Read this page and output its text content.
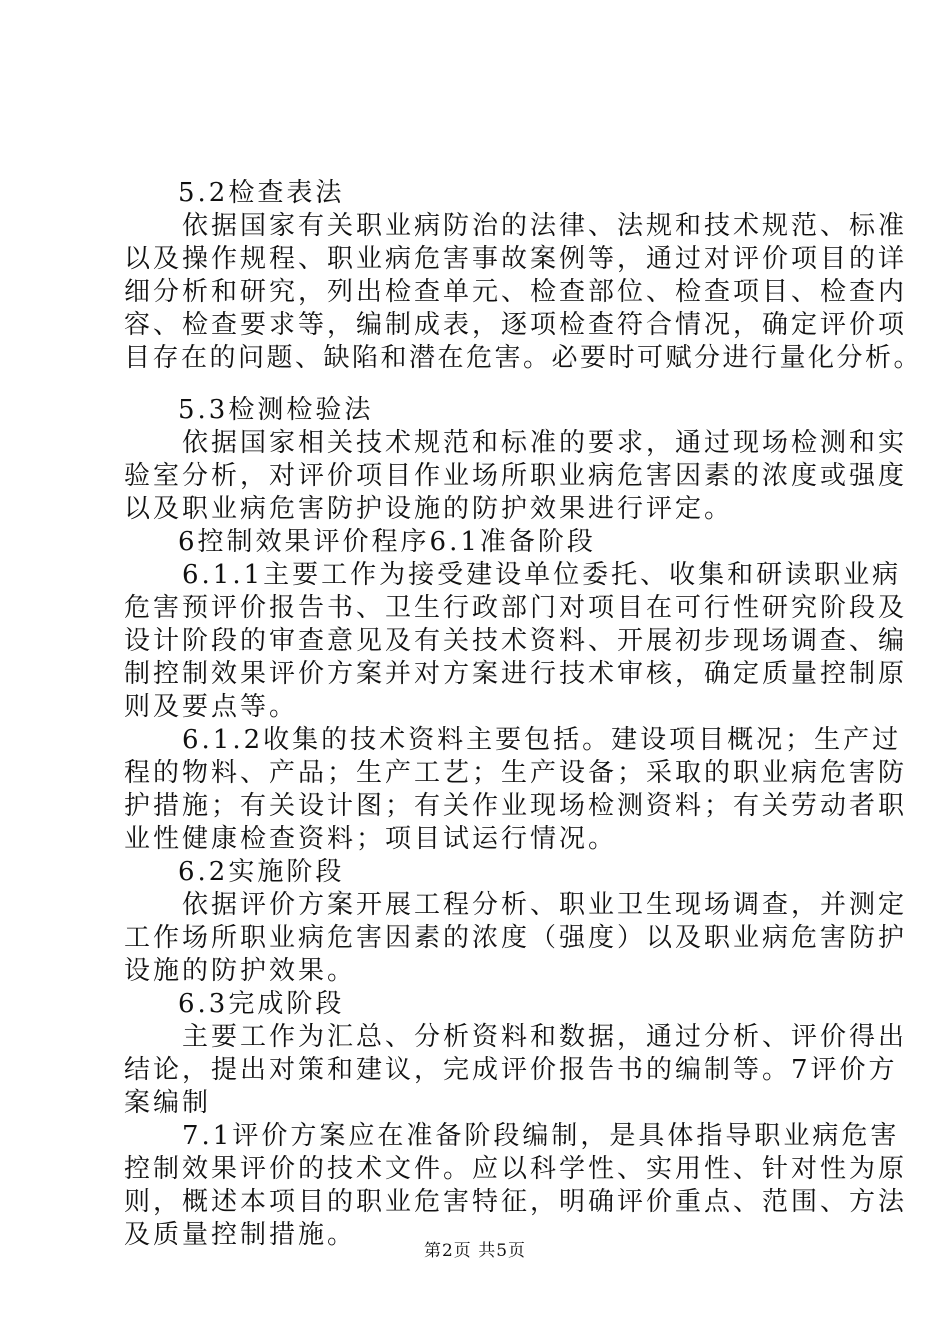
5.2检查表法
依据国家有关职业病防治的法律、法规和技术规范、标准
以及操作规程、职业病危害事故案例等，通过对评价项目的详
细分析和研究，列出检查单元、检查部位、检查项目、检查内
容、检查要求等，编制成表，逐项检查符合情况，确定评价项
目存在的问题、缺陷和潜在危害。必要时可赋分进行量化分析。
5.3检测检验法
依据国家相关技术规范和标准的要求，通过现场检测和实
验室分析，对评价项目作业场所职业病危害因素的浓度或强度
以及职业病危害防护设施的防护效果进行评定。
6控制效果评价程序6.1准备阶段
6.1.1主要工作为接受建设单位委托、收集和研读职业病
危害预评价报告书、卫生行政部门对项目在可行性研究阶段及
设计阶段的审查意见及有关技术资料、开展初步现场调查、编
制控制效果评价方案并对方案进行技术审核，确定质量控制原
则及要点等。
6.1.2收集的技术资料主要包括。建设项目概况；生产过
程的物料、产品；生产工艺；生产设备；采取的职业病危害防
护措施；有关设计图；有关作业现场检测资料；有关劳动者职
业性健康检查资料；项目试运行情况。
6.2实施阶段
依据评价方案开展工程分析、职业卫生现场调查，并测定
工作场所职业病危害因素的浓度（强度）以及职业病危害防护
设施的防护效果。
6.3完成阶段
主要工作为汇总、分析资料和数据，通过分析、评价得出
结论，提出对策和建议，完成评价报告书的编制等。7评价方
案编制
7.1评价方案应在准备阶段编制，是具体指导职业病危害
控制效果评价的技术文件。应以科学性、实用性、针对性为原
则，概述本项目的职业危害特征，明确评价重点、范围、方法
及质量控制措施。
第2页 共5页
